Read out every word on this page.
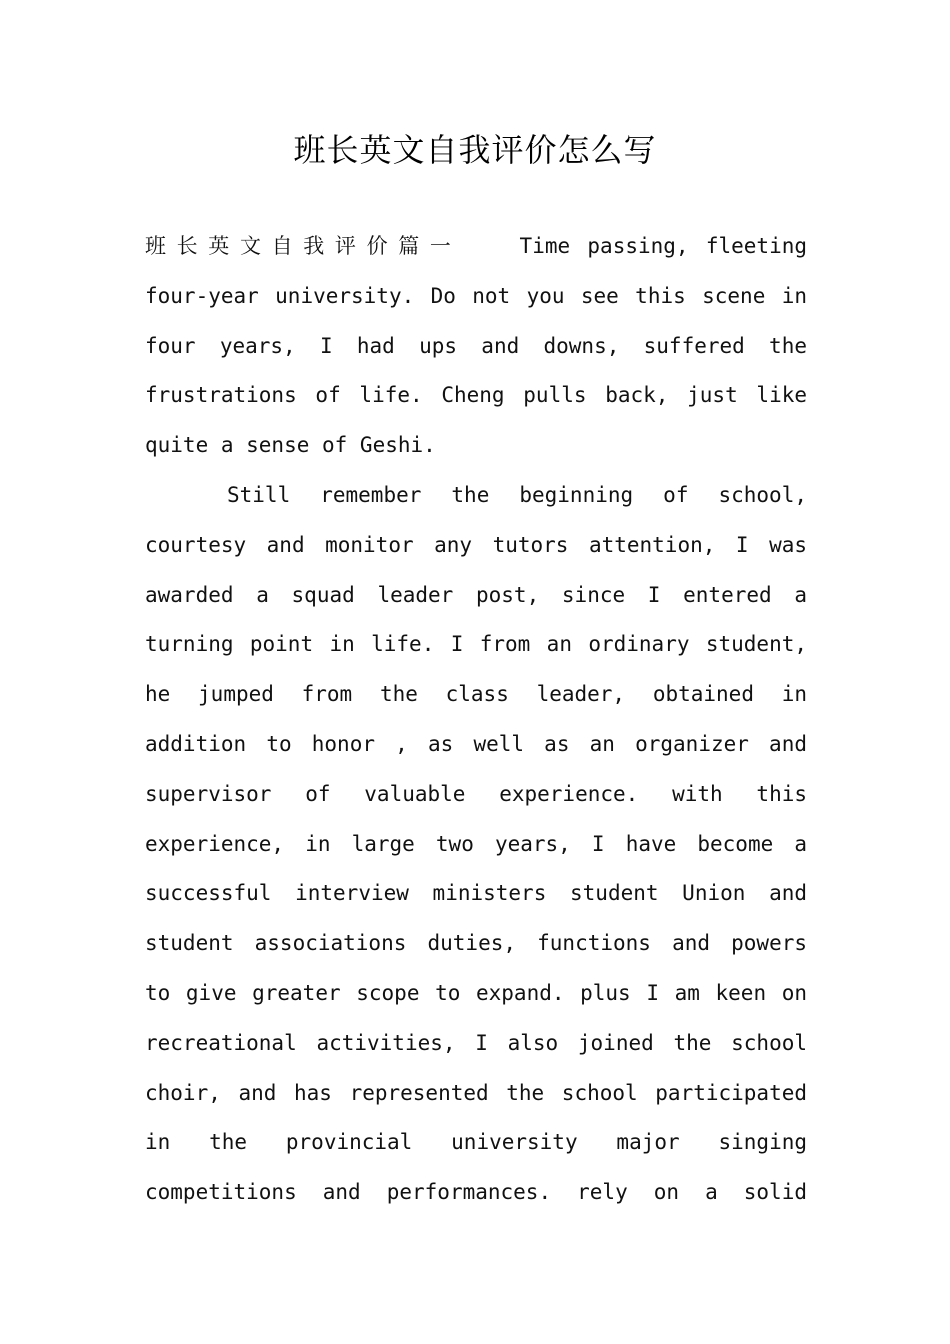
班长英文自我评价怎么写
班长英文自我评价篇一	Time passing, fleeting
four-year university. Do not you see this scene in
four years, I had ups and downs, suffered the
frustrations of life. Cheng pulls back, just like
quite a sense of Geshi.
Still remember the beginning of school,
courtesy and monitor any tutors attention, I was
awarded a squad leader post, since I entered a
turning point in life. I from an ordinary student,
he jumped from the class leader, obtained in
addition to honor , as well as an organizer and
supervisor of valuable experience. with this
experience, in large two years, I have become a
successful interview ministers student Union and
student associations duties, functions and powers
to give greater scope to expand. plus I am keen on
recreational activities, I also joined the school
choir, and has represented the school participated
in the provincial university major singing
competitions and performances. rely on a solid
